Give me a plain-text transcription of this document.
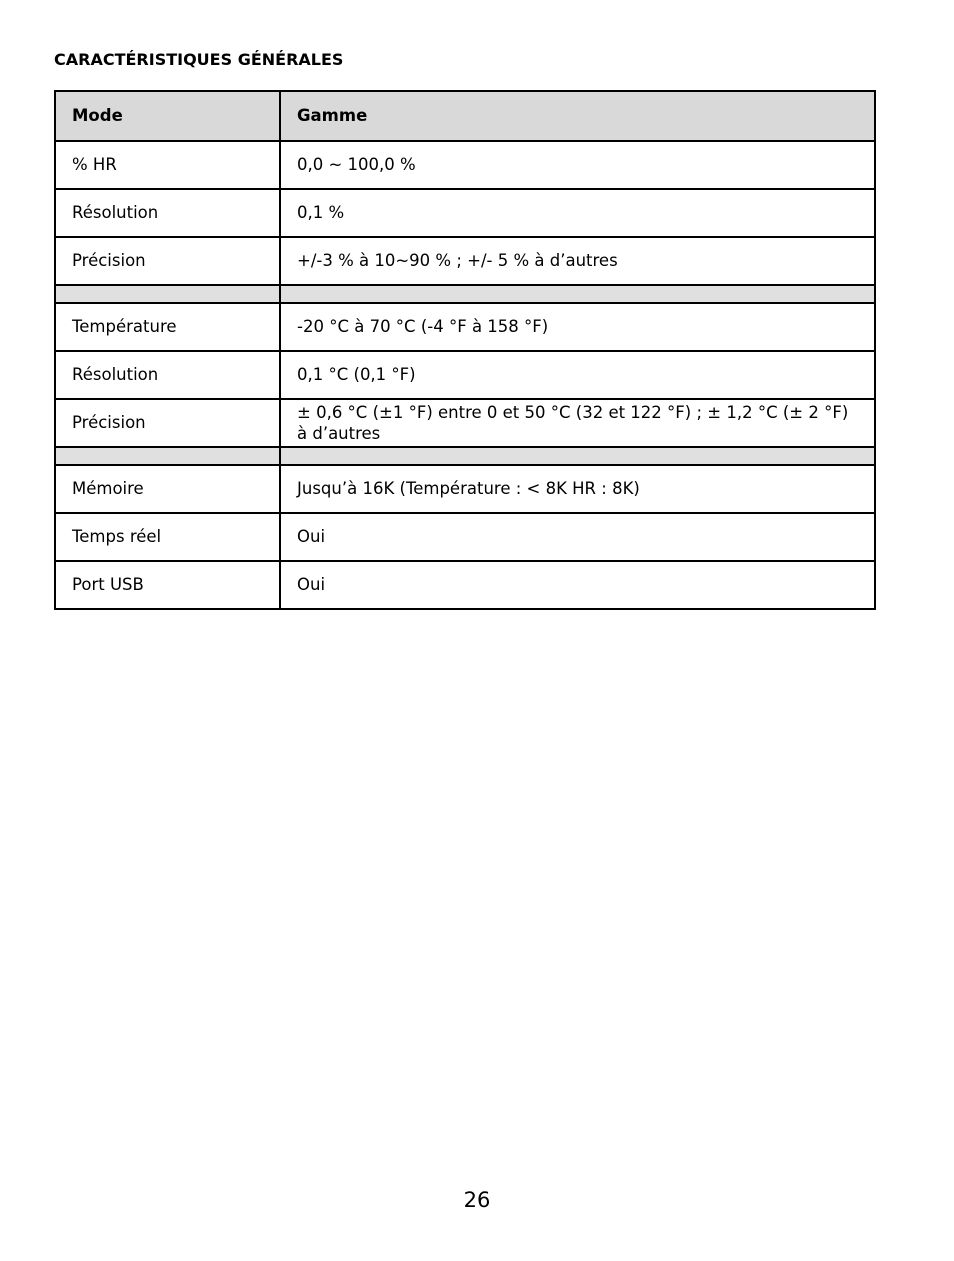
CARACTÉRISTIQUES GÉNÉRALES
Mode	Gamme
% HR	0,0 ~ 100,0 %
Résolution	0,1 %
Précision	+/-3 % à 10~90 % ; +/- 5 % à d’autres

Température	-20 °C à 70 °C (-4 °F à 158 °F)
Résolution	0,1 °C (0,1 °F)
Précision	± 0,6 °C (±1 °F) entre 0 et 50 °C (32 et 122 °F) ; ± 1,2 °C (± 2 °F) à d’autres

Mémoire	Jusqu’à 16K (Température : < 8K HR : 8K)
Temps réel	Oui
Port USB	Oui
26
